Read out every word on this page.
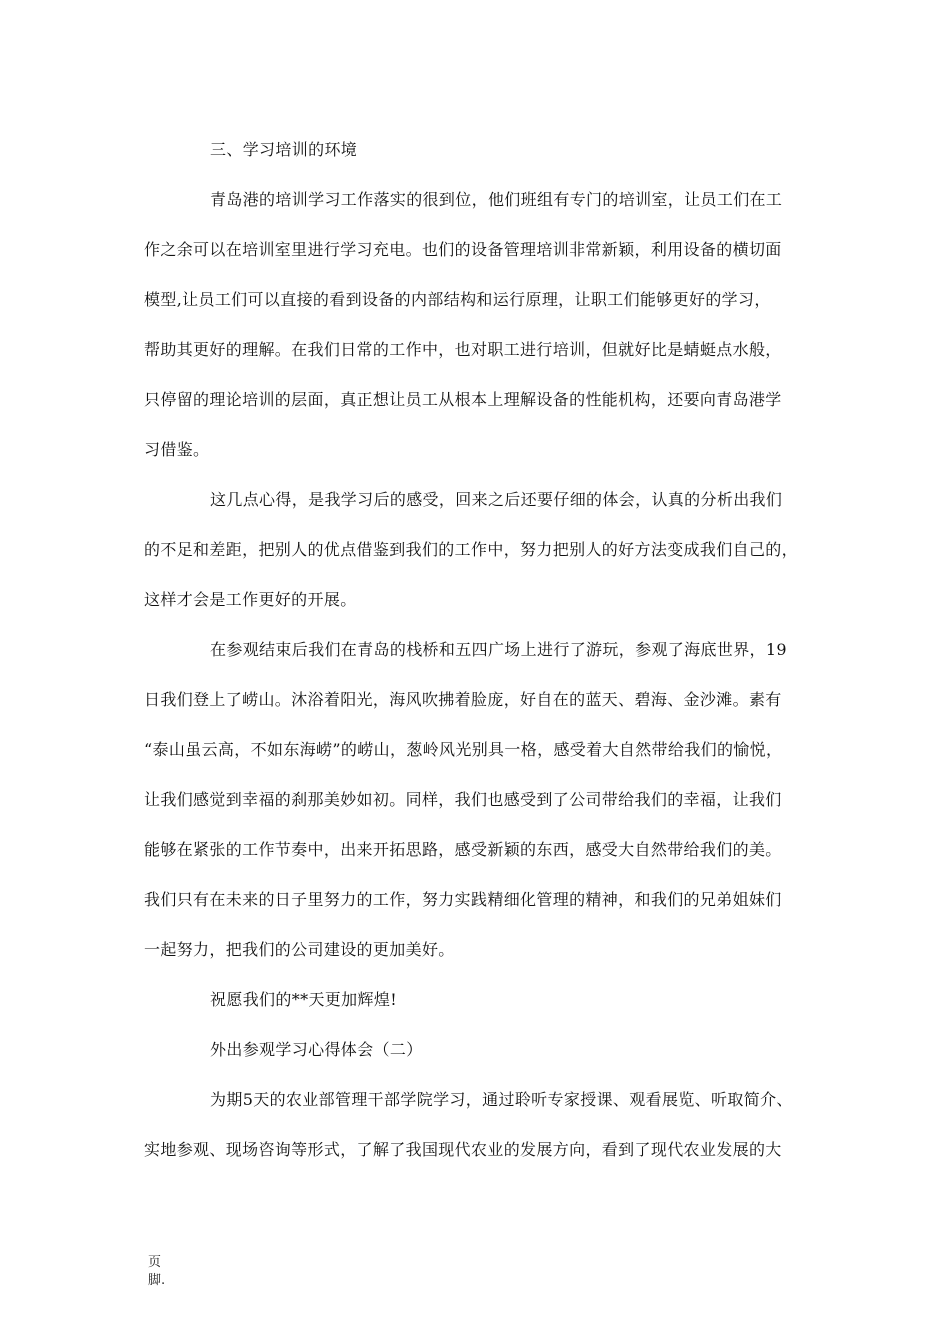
三、学习培训的环境
青岛港的培训学习工作落实的很到位，他们班组有专门的培训室，让员工们在工
作之余可以在培训室里进行学习充电。也们的设备管理培训非常新颖，利用设备的横切面
模型,让员工们可以直接的看到设备的内部结构和运行原理，让职工们能够更好的学习，
帮助其更好的理解。在我们日常的工作中，也对职工进行培训，但就好比是蜻蜓点水般，
只停留的理论培训的层面，真正想让员工从根本上理解设备的性能机构，还要向青岛港学
习借鉴。
这几点心得，是我学习后的感受，回来之后还要仔细的体会，认真的分析出我们
的不足和差距，把别人的优点借鉴到我们的工作中，努力把别人的好方法变成我们自己的，
这样才会是工作更好的开展。
在参观结束后我们在青岛的栈桥和五四广场上进行了游玩，参观了海底世界，19
日我们登上了崂山。沐浴着阳光，海风吹拂着脸庞，好自在的蓝天、碧海、金沙滩。素有
“泰山虽云高，不如东海崂”的崂山，葱岭风光别具一格，感受着大自然带给我们的愉悦，
让我们感觉到幸福的刹那美妙如初。同样，我们也感受到了公司带给我们的幸福，让我们
能够在紧张的工作节奏中，出来开拓思路，感受新颖的东西，感受大自然带给我们的美。
我们只有在未来的日子里努力的工作，努力实践精细化管理的精神，和我们的兄弟姐妹们
一起努力，把我们的公司建设的更加美好。
祝愿我们的**天更加辉煌!
外出参观学习心得体会（二）
为期5天的农业部管理干部学院学习，通过聆听专家授课、观看展览、听取简介、
实地参观、现场咨询等形式，了解了我国现代农业的发展方向，看到了现代农业发展的大
页
脚.
